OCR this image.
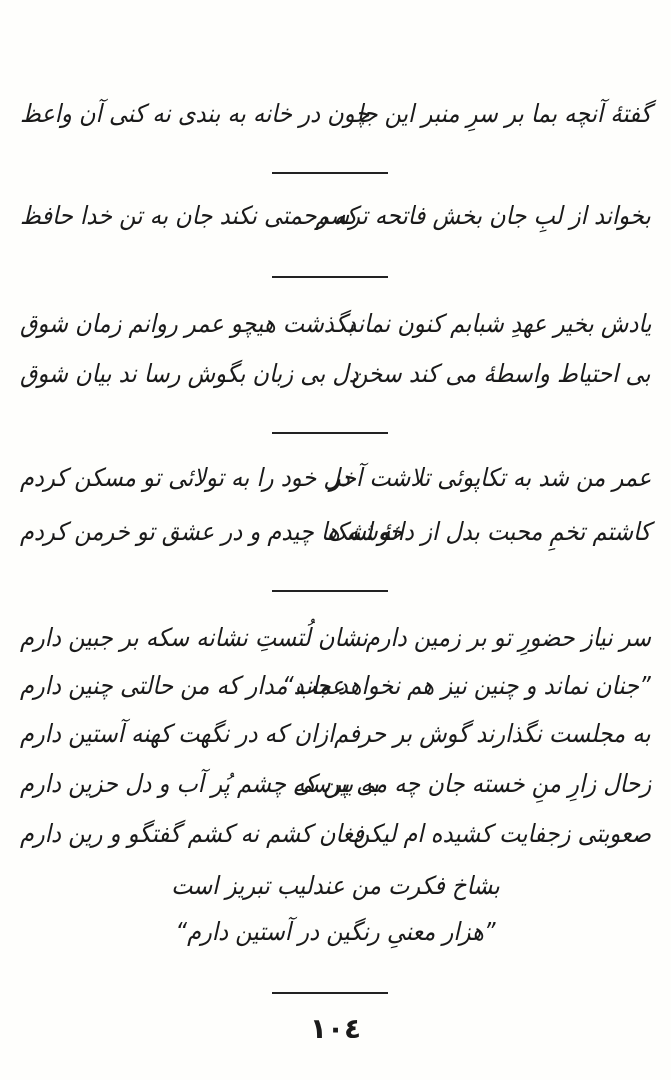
گفتهٔ آنچه بما بر سرِ منبر این جا
چون در خانه به بندی نه کنی آن واعظ
بخواند از لبِ جان بخش فاتحه ترسم
که رحمتی نکند جان به تن خدا حافظ
یادش بخیر عهدِ شبابم کنون نماند
بگذشت هیچو عمر روانم زمان شوق
بی احتیاط واسطهٔ می کند سخن
دل بی زبان بگوش رسا ند بیان شوق
عمر من شد به تکاپوئی تلاشت آخر
دل خود را به تولائی تو مسکن کردم
کاشتم تخمِ محبت بدل از دانهٔ اشک
خوشه ها چیدم و در عشق تو خرمن کردم
سر نیاز حضورِ تو بر زمین دارم
نشان لُتستِ نشانه سکه بر جبین دارم
”جنان نماند و چنین نیز هم نخواهد ماند“
عجب مدار که من حالتی چنین دارم
به مجلست نگذارند گوش بر حرفم
ازان که در نگهت کهنه آستین دارم
زحال زارِ منِ خسته جان چه می پرسی
به بین که چشم پُر آب و دل حزین دارم
صعوبتی زجفایت کشیده ام لیکن
فغان کشم نه کشم گفتگو و رین دارم
بشاخ فکرت من عندلیب تبریز است
”هزار معنیِ رنگین در آستین دارم“
١٠٤
